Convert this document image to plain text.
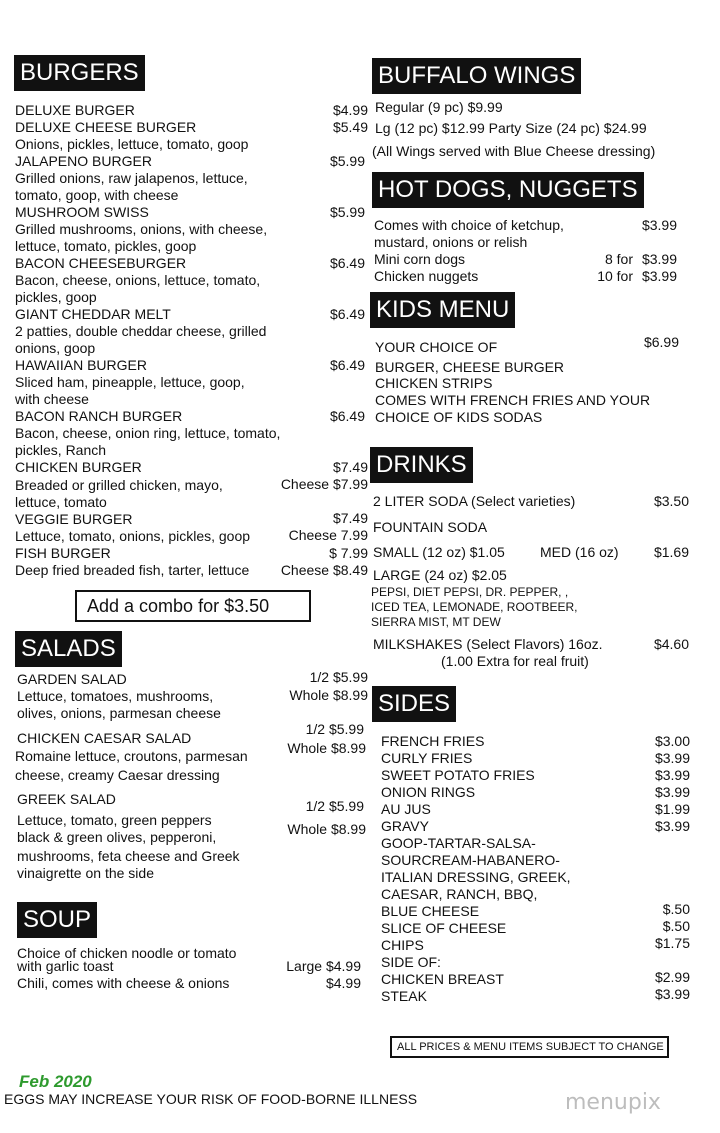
BURGERS
DELUXE BURGER	$4.99
DELUXE CHEESE BURGER	$5.49
Onions, pickles, lettuce, tomato, goop
JALAPENO BURGER	$5.99
Grilled onions, raw jalapenos, lettuce,
tomato, goop, with cheese
MUSHROOM SWISS	$5.99
Grilled mushrooms, onions, with cheese,
lettuce, tomato, pickles, goop
BACON CHEESEBURGER	$6.49
Bacon, cheese, onions, lettuce, tomato,
pickles, goop
GIANT CHEDDAR MELT	$6.49
2 patties, double cheddar cheese, grilled
onions, goop
HAWAIIAN BURGER	$6.49
Sliced ham, pineapple, lettuce, goop,
with cheese
BACON RANCH BURGER	$6.49
Bacon, cheese, onion ring, lettuce, tomato,
pickles, Ranch
CHICKEN BURGER	$7.49
Breaded or grilled chicken, mayo,	Cheese $7.99
lettuce, tomato
VEGGIE BURGER	$7.49
Lettuce, tomato, onions, pickles, goop	Cheese 7.99
FISH BURGER	$ 7.99
Deep fried breaded fish, tarter, lettuce Cheese $8.49
Add a combo for $3.50
SALADS
GARDEN SALAD	1/2 $5.99
Lettuce, tomatoes, mushrooms,	Whole $8.99
olives, onions, parmesan cheese
CHICKEN CAESAR SALAD
1/2 $5.99
Whole $8.99
Romaine lettuce, croutons, parmesan
cheese, creamy Caesar dressing
GREEK SALAD
Lettuce, tomato, green peppers
1/2 $5.99
Whole $8.99
black & green olives, pepperoni,
mushrooms, feta cheese and Greek
vinaigrette on the side
SOUP
Choice of chicken noodle or tomato
with garlic toast	Large $4.99
Chili, comes with cheese & onions	$4.99
BUFFALO WINGS
Regular (9 pc) $9.99
Lg (12 pc) $12.99 Party Size (24 pc) $24.99
(All Wings served with Blue Cheese dressing)
HOT DOGS, NUGGETS
Comes with choice of ketchup,	$3.99
mustard, onions or relish
Mini corn dogs	8 for $3.99
Chicken nuggets	10 for $3.99
KIDS MENU
YOUR CHOICE OF	$6.99
BURGER, CHEESE BURGER
CHICKEN STRIPS
COMES WITH FRENCH FRIES AND YOUR
CHOICE OF KIDS SODAS
DRINKS
2 LITER SODA (Select varieties)	$3.50
FOUNTAIN SODA
SMALL (12 oz) $1.05	MED (16 oz)	$1.69
LARGE (24 oz) $2.05
PEPSI, DIET PEPSI, DR. PEPPER, ,
ICED TEA, LEMONADE, ROOTBEER,
SIERRA MIST, MT DEW
MILKSHAKES (Select Flavors) 16oz.	$4.60
(1.00 Extra for real fruit)
SIDES
FRENCH FRIES	$3.00
CURLY FRIES	$3.99
SWEET POTATO FRIES	$3.99
ONION RINGS	$3.99
AU JUS	$1.99
GRAVY	$3.99
GOOP-TARTAR-SALSA-
SOURCREAM-HABANERO-
ITALIAN DRESSING, GREEK,
CAESAR, RANCH, BBQ,
BLUE CHEESE	$.50
SLICE OF CHEESE	$.50
CHIPS	$1.75
SIDE OF:
CHICKEN BREAST	$2.99
STEAK	$3.99
ALL PRICES & MENU ITEMS SUBJECT TO CHANGE
Feb 2020
EGGS MAY INCREASE YOUR RISK OF FOOD-BORNE ILLNESS	menupix
